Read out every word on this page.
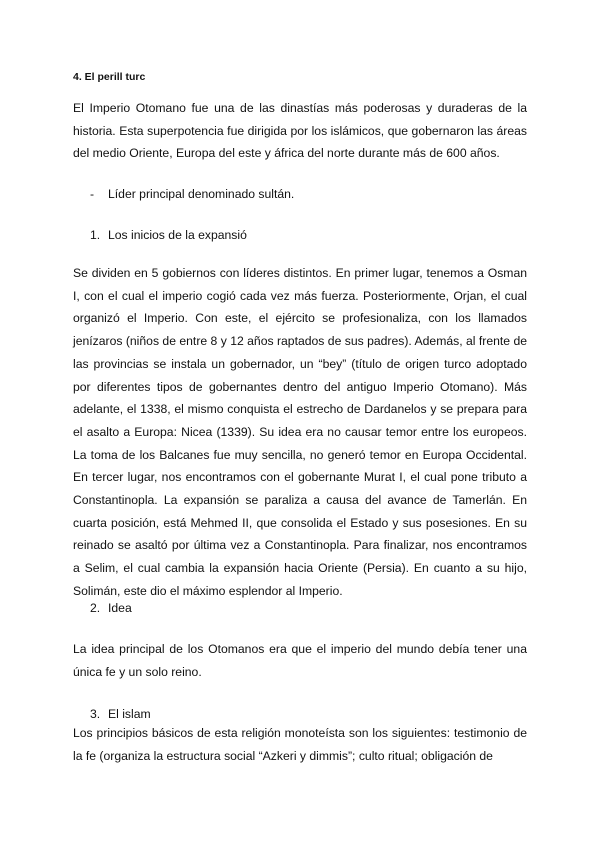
4. El perill turc

El Imperio Otomano fue una de las dinastías más poderosas y duraderas de la historia. Esta superpotencia fue dirigida por los islámicos, que gobernaron las áreas del medio Oriente, Europa del este y áfrica del norte durante más de 600 años.

- Líder principal denominado sultán.

1. Los inicios de la expansió

Se dividen en 5 gobiernos con líderes distintos. En primer lugar, tenemos a Osman I, con el cual el imperio cogió cada vez más fuerza. Posteriormente, Orjan, el cual organizó el Imperio. Con este, el ejército se profesionaliza, con los llamados jenízaros (niños de entre 8 y 12 años raptados de sus padres). Además, al frente de las provincias se instala un gobernador, un “bey” (título de origen turco adoptado por diferentes tipos de gobernantes dentro del antiguo Imperio Otomano). Más adelante, el 1338, el mismo conquista el estrecho de Dardanelos y se prepara para el asalto a Europa: Nicea (1339). Su idea era no causar temor entre los europeos. La toma de los Balcanes fue muy sencilla, no generó temor en Europa Occidental. En tercer lugar, nos encontramos con el gobernante Murat I, el cual pone tributo a Constantinopla. La expansión se paraliza a causa del avance de Tamerlán. En cuarta posición, está Mehmed II, que consolida el Estado y sus posesiones. En su reinado se asaltó por última vez a Constantinopla. Para finalizar, nos encontramos a Selim, el cual cambia la expansión hacia Oriente (Persia). En cuanto a su hijo, Solimán, este dio el máximo esplendor al Imperio.

2. Idea

La idea principal de los Otomanos era que el imperio del mundo debía tener una única fe y un solo reino.

3. El islam

Los principios básicos de esta religión monoteísta son los siguientes: testimonio de la fe (organiza la estructura social “Azkeri y dimmis”; culto ritual; obligación de
